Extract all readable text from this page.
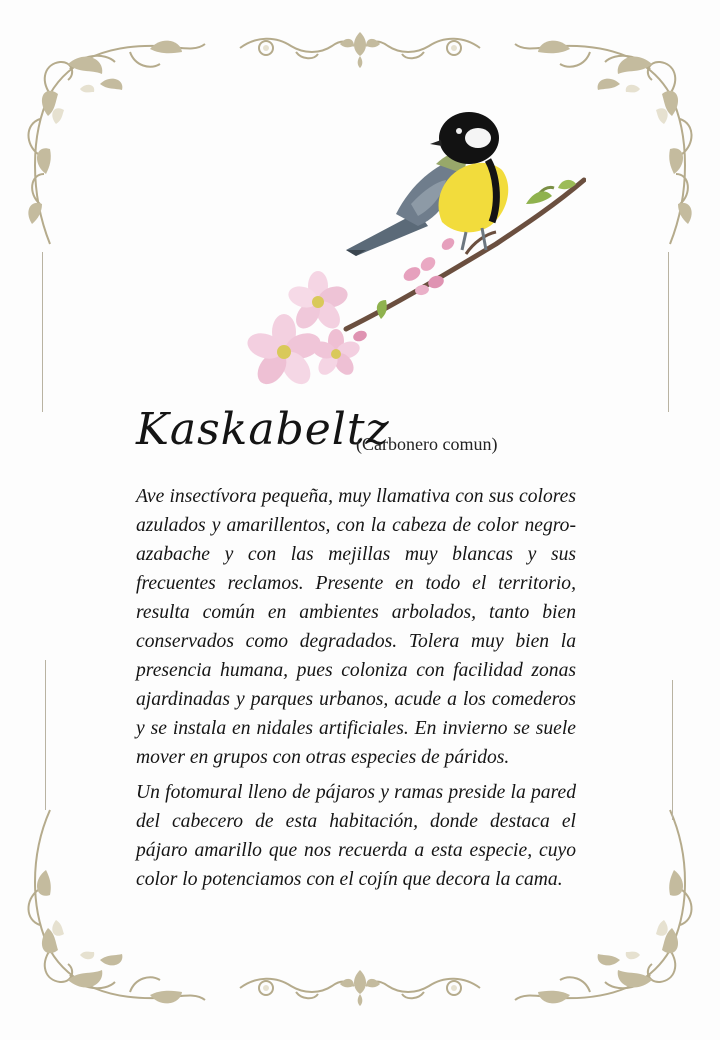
Kaskabeltz
(Carbonero comun)

Ave insectívora pequeña, muy llamativa con sus colores azulados y amarillentos, con la cabeza de color negro-azabache y con las mejillas muy blancas y sus frecuentes reclamos. Presente en todo el territorio, resulta común en ambientes arbolados, tanto bien conservados como degradados. Tolera muy bien la presencia humana, pues coloniza con facilidad zonas ajardinadas y parques urbanos, acude a los comederos y se instala en nidales artificiales. En invierno se suele mover en grupos con otras especies de páridos.

Un fotomural lleno de pájaros y ramas preside la pared del cabecero de esta habitación, donde destaca el pájaro amarillo que nos recuerda a esta especie, cuyo color lo potenciamos con el cojín que decora la cama.
